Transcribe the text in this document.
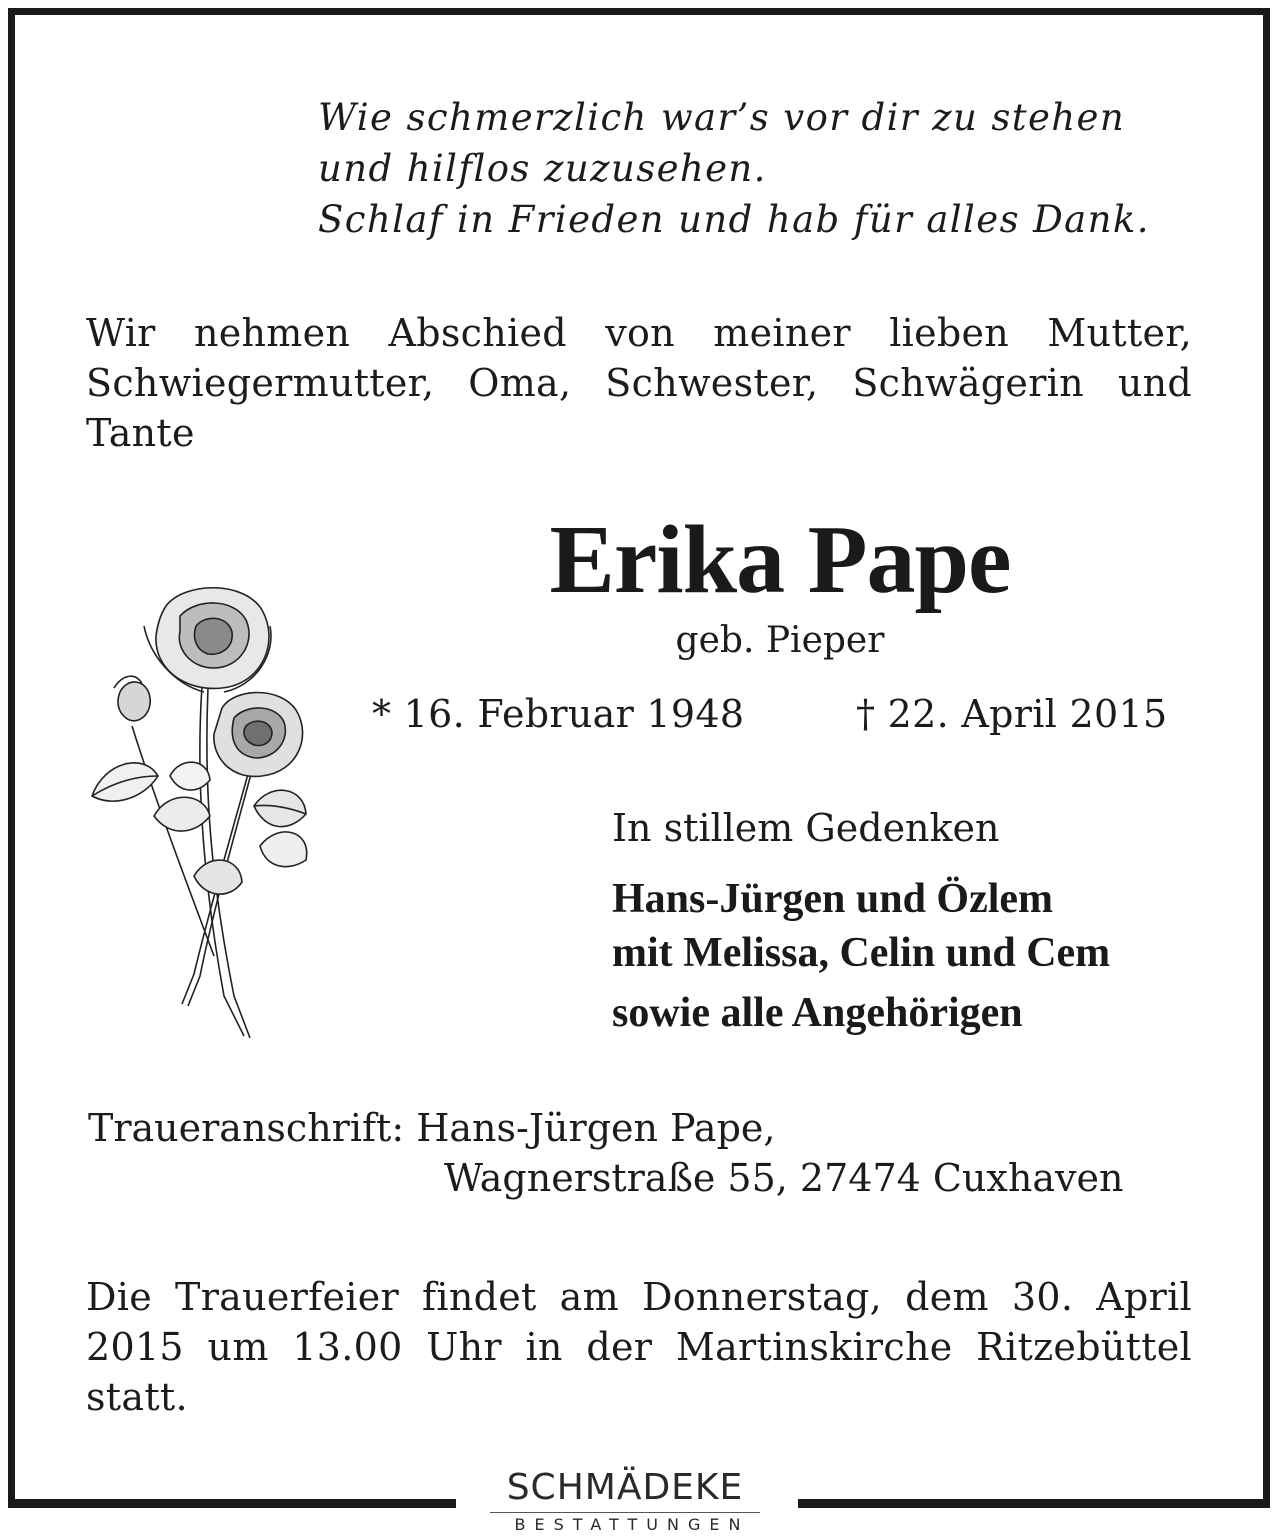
Wie schmerzlich war’s vor dir zu stehen
und hilflos zuzusehen.
Schlaf in Frieden und hab für alles Dank.
Wir nehmen Abschied von meiner lieben Mutter, Schwiegermutter, Oma, Schwester, Schwägerin und Tante
Erika Pape
geb. Pieper
* 16. Februar 1948	† 22. April 2015
In stillem Gedenken
Hans-Jürgen und Özlem
mit Melissa, Celin und Cem
sowie alle Angehörigen
Traueranschrift: Hans-Jürgen Pape,
Wagnerstraße 55, 27474 Cuxhaven
Die Trauerfeier findet am Donnerstag, dem 30. April 2015 um 13.00 Uhr in der Martinskirche Ritzebüttel statt.
SCHMÄDEKE
BESTATTUNGEN
